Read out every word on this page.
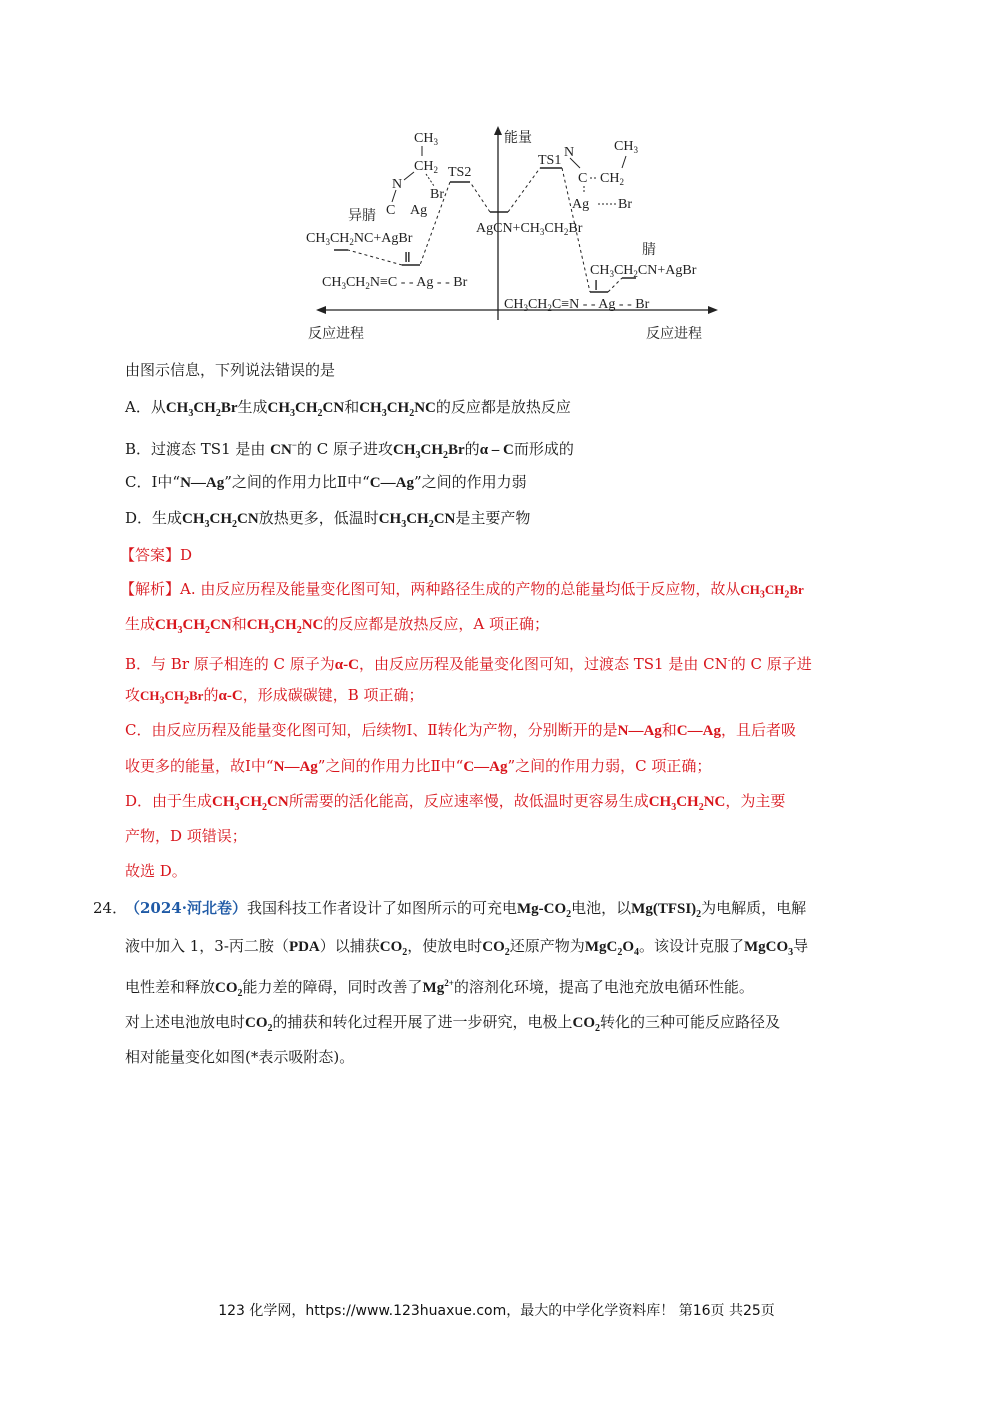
能量
反应进程	反应进程
TS2
TS1
$AgCN+CH_3CH_2Br$
异腈
$CH_3CH_2NC+AgBr$
Ⅱ
$CH_3CH_2N\equiv C$ - - Ag - - Br
腈
$CH_3CH_2CN+AgBr$
Ⅰ
$CH_3CH_2C\equiv N$ - - Ag - - Br
$CH_3$
$CH_2$
N
C Ag
Br
N
C $CH_2$
$CH_3$
Ag Br
由图示信息，下列说法错误的是
A．从$CH_3CH_2Br$生成$CH_3CH_2CN$和$CH_3CH_2NC$的反应都是放热反应
B．过渡态 TS1 是由 CN−的 C 原子进攻$CH_3CH_2Br$的α – C而形成的
C．Ⅰ中“N—Ag”之间的作用力比Ⅱ中“C—Ag”之间的作用力弱
D．生成$CH_3CH_2CN$放热更多，低温时$CH_3CH_2CN$是主要产物
【答案】D
【解析】A. 由反应历程及能量变化图可知，两种路径生成的产物的总能量均低于反应物，故从$CH_3CH_2Br$
生成$CH_3CH_2CN$和$CH_3CH_2NC$的反应都是放热反应，A 项正确；
B．与 Br 原子相连的 C 原子为α-C，由反应历程及能量变化图可知，过渡态 TS1 是由 CN-的 C 原子进
攻$CH_3CH_2Br$的α-C，形成碳碳键，B 项正确；
C．由反应历程及能量变化图可知，后续物Ⅰ、Ⅱ转化为产物，分别断开的是N—Ag和C—Ag，且后者吸
收更多的能量，故Ⅰ中“N—Ag”之间的作用力比Ⅱ中“C—Ag”之间的作用力弱，C 项正确；
D．由于生成$CH_3CH_2CN$所需要的活化能高，反应速率慢，故低温时更容易生成$CH_3CH_2NC$，为主要
产物，D 项错误；
故选 D。
24．
（2024·河北卷）我国科技工作者设计了如图所示的可充电$Mg-CO_2$电池，以$Mg(TFSI)_2$为电解质，电解
液中加入 1，3-丙二胺（PDA）以捕获$CO_2$，使放电时$CO_2$还原产物为$MgC_2O_4$。该设计克服了MgCO$_3$导
电性差和释放$CO_2$能力差的障碍，同时改善了$Mg^{2+}$的溶剂化环境，提高了电池充放电循环性能。
对上述电池放电时$CO_2$的捕获和转化过程开展了进一步研究，电极上$CO_2$转化的三种可能反应路径及
相对能量变化如图(*表示吸附态)。
123 化学网，https://www.123huaxue.com，最大的中学化学资料库！ 第16页 共25页
